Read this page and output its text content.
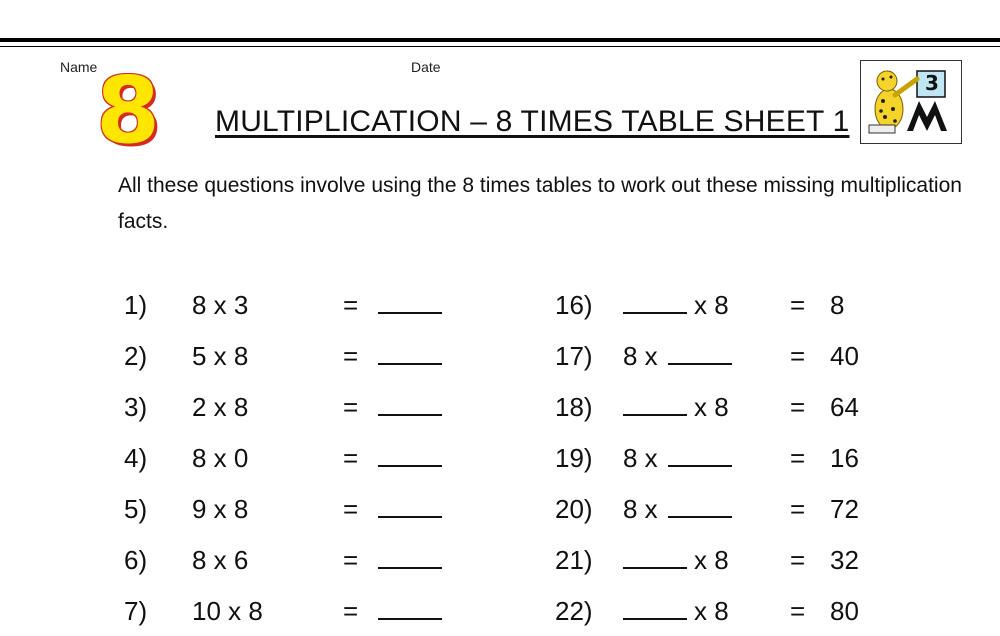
Name	Date
8	MULTIPLICATION – 8 TIMES TABLE SHEET 1
3
All these questions involve using the 8 times tables to work out these missing multiplication facts.
1) 8 x 3	=
2) 5 x 8	=
3) 2 x 8	=
4) 8 x 0	=
5) 9 x 8	=
6) 8 x 6	=
7) 10 x 8	=
16)	x 8 = 8
17) 8 x	= 40
18)	x 8 = 64
19) 8 x	= 16
20) 8 x	= 72
21)	x 8 = 32
22)	x 8 = 80
